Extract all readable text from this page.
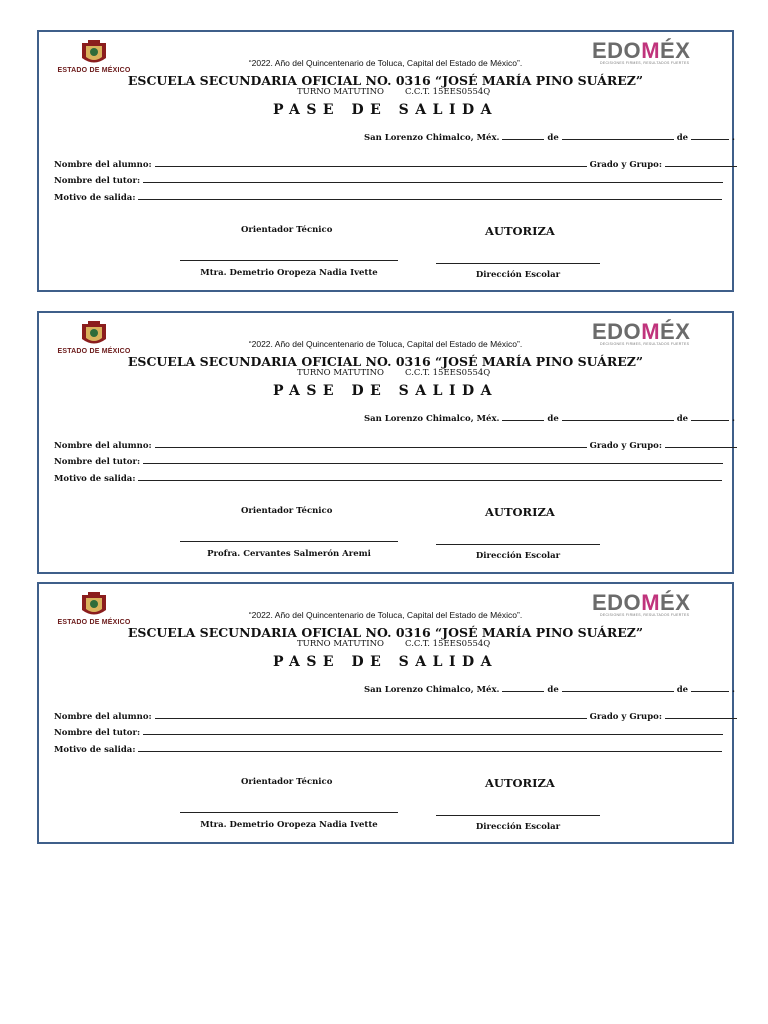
ESTADO DE MÉXICO
EDOMÉX
DECISIONES FIRMES, RESULTADOS FUERTES
“2022. Año del Quincentenario de Toluca, Capital del Estado de México”.
ESCUELA SECUNDARIA OFICIAL NO. 0316 “JOSÉ MARÍA PINO SUÁREZ”
TURNO MATUTINO C.C.T. 15EES0554Q
PASE DE SALIDA
San Lorenzo Chimalco, Méx.	de	de	.
Nombre del alumno:	Grado y Grupo:
Nombre del tutor:
Motivo de salida:
Orientador Técnico	AUTORIZA
Mtra. Demetrio Oropeza Nadia Ivette	Dirección Escolar
ESTADO DE MÉXICO
EDOMÉX
DECISIONES FIRMES, RESULTADOS FUERTES
“2022. Año del Quincentenario de Toluca, Capital del Estado de México”.
ESCUELA SECUNDARIA OFICIAL NO. 0316 “JOSÉ MARÍA PINO SUÁREZ”
TURNO MATUTINO C.C.T. 15EES0554Q
PASE DE SALIDA
San Lorenzo Chimalco, Méx.	de	de	.
Nombre del alumno:	Grado y Grupo:
Nombre del tutor:
Motivo de salida:
Orientador Técnico	AUTORIZA
Profra. Cervantes Salmerón Aremi	Dirección Escolar
ESTADO DE MÉXICO
EDOMÉX
DECISIONES FIRMES, RESULTADOS FUERTES
“2022. Año del Quincentenario de Toluca, Capital del Estado de México”.
ESCUELA SECUNDARIA OFICIAL NO. 0316 “JOSÉ MARÍA PINO SUÁREZ”
TURNO MATUTINO C.C.T. 15EES0554Q
PASE DE SALIDA
San Lorenzo Chimalco, Méx.	de	de	.
Nombre del alumno:	Grado y Grupo:
Nombre del tutor:
Motivo de salida:
Orientador Técnico	AUTORIZA
Mtra. Demetrio Oropeza Nadia Ivette	Dirección Escolar
